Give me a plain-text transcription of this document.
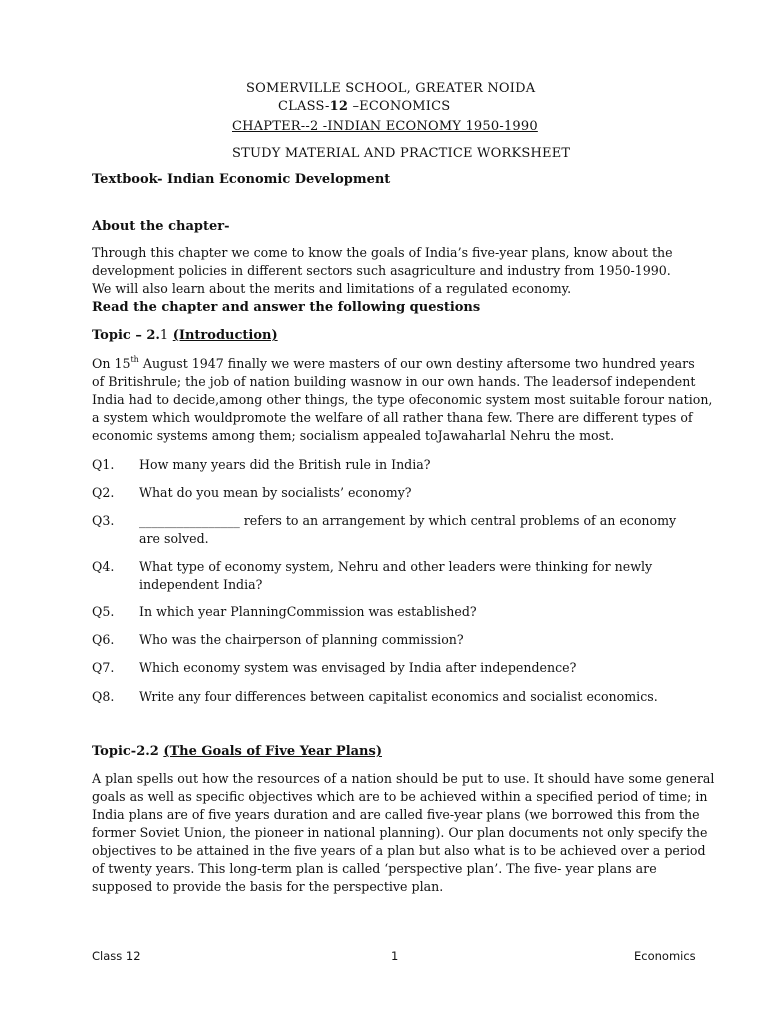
SOMERVILLE SCHOOL, GREATER NOIDA
CLASS-12 –ECONOMICS
CHAPTER--2 -INDIAN ECONOMY 1950-1990
STUDY MATERIAL AND PRACTICE WORKSHEET
Textbook- Indian Economic Development
About the chapter-
Through this chapter we come to know the goals of India’s five-year plans, know about the
development policies in different sectors such asagriculture and industry from 1950-1990.
We will also learn about the merits and limitations of a regulated economy.
Read the chapter and answer the following questions
Topic – 2.1 (Introduction)
On 15th August 1947 finally we were masters of our own destiny aftersome two hundred years
of Britishrule; the job of nation building wasnow in our own hands. The leadersof independent
India had to decide,among other things, the type ofeconomic system most suitable forour nation,
a system which wouldpromote the welfare of all rather thana few. There are different types of
economic systems among them; socialism appealed toJawaharlal Nehru the most.
Q1. How many years did the British rule in India?
Q2. What do you mean by socialists’ economy?
Q3. ________________ refers to an arrangement by which central problems of an economy
are solved.
Q4. What type of economy system, Nehru and other leaders were thinking for newly
independent India?
Q5. In which year PlanningCommission was established?
Q6. Who was the chairperson of planning commission?
Q7. Which economy system was envisaged by India after independence?
Q8. Write any four differences between capitalist economics and socialist economics.
Topic-2.2 (The Goals of Five Year Plans)
A plan spells out how the resources of a nation should be put to use. It should have some general
goals as well as specific objectives which are to be achieved within a specified period of time; in
India plans are of five years duration and are called five-year plans (we borrowed this from the
former Soviet Union, the pioneer in national planning). Our plan documents not only specify the
objectives to be attained in the five years of a plan but also what is to be achieved over a period
of twenty years. This long-term plan is called ‘perspective plan’. The five- year plans are
supposed to provide the basis for the perspective plan.
Class 12	1	Economics
